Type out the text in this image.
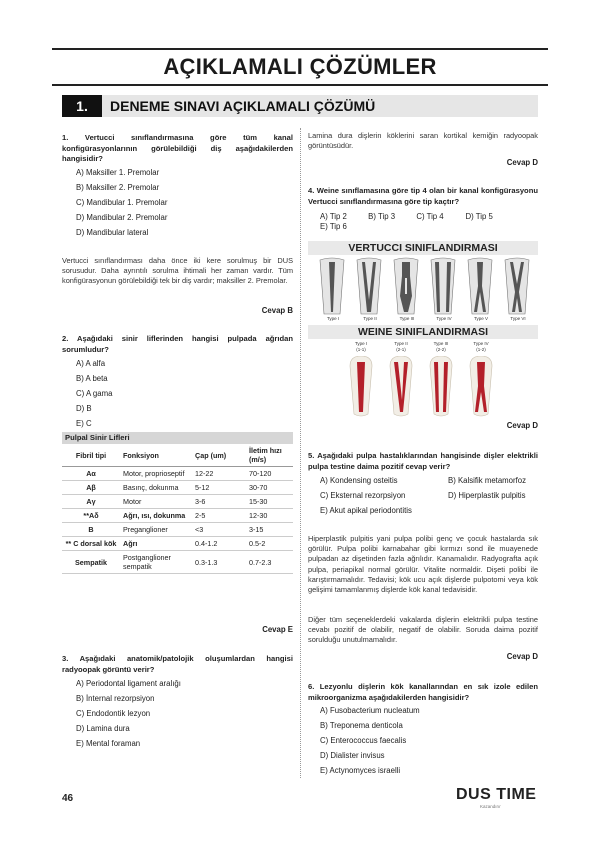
AÇIKLAMALI ÇÖZÜMLER
1.	DENEME SINAVI AÇIKLAMALI ÇÖZÜMÜ
1. Vertucci sınıflandırmasına göre tüm kanal konfigürasyonlarının görülebildiği diş aşağıdakilerden hangisidir?
A) Maksiller 1. Premolar
B) Maksiller 2. Premolar
C) Mandibular 1. Premolar
D) Mandibular 2. Premolar
D) Mandibular lateral
Vertucci sınıflandırması daha önce iki kere sorulmuş bir DUS sorusudur. Daha ayrıntılı sorulma ihtimali her zaman vardır. Tüm konfigürasyonun görülebildiği tek bir diş vardır; maksiller 2. Premolar.
Cevap B
2. Aşağıdaki sinir liflerinden hangisi pulpada ağrıdan sorumludur?
A) A alfa
B) A beta
C) A gama
D) B
E) C
Pulpal Sinir Lifleri
Fibril tipi	Fonksiyon	Çap (um)	İletim hızı (m/s)
Aα	Motor, proprioseptif	12-22	70-120
Aβ	Basınç, dokunma	5-12	30-70
Aγ	Motor	3-6	15-30
**Aδ	Ağrı, ısı, dokunma	2-5	12-30
B	Preganglioner	<3	3-15
** C dorsal kök	Ağrı	0.4-1.2	0.5-2
Sempatik	Postganglioner sempatik	0.3-1.3	0.7-2.3
Cevap E
3. Aşağıdaki anatomik/patolojik oluşumlardan hangisi radyoopak görüntü verir?
A) Periodontal ligament aralığı
B) İnternal rezorpsiyon
C) Endodontik lezyon
D) Lamina dura
E) Mental foraman
Lamina dura dişlerin köklerini saran kortikal kemiğin radyoopak görüntüsüdür.
Cevap D
4. Weine sınıflamasına göre tip 4 olan bir kanal konfigürasyonu Vertucci sınıflandırmasına göre tip kaçtır?
A) Tip 2	B) Tip 3	C) Tip 4	D) Tip 5 E) Tip 6
VERTUCCI SINIFLANDIRMASI
Type I	Type II	Type III	Type IV	Type V	Type VI
WEINE SINIFLANDIRMASI
Type I	Type II	Type III	Type IV
(1-1)	(2-1)	(2-2)	(1-2)
Cevap D
5. Aşağıdaki pulpa hastalıklarından hangisinde dişler elektrikli pulpa testine daima pozitif cevap verir?
A) Kondensing osteitis	B) Kalsifik metamorfoz
C) Eksternal rezorpsiyon	D) Hiperplastik pulpitis
E) Akut apikal periodontitis
Hiperplastik pulpitis yani pulpa polibi genç ve çocuk hastalarda sık görülür. Pulpa polibi karnabahar gibi kırmızı sond ile muayenede pulpadan az dişetinden fazla ağrılıdır. Kanamalıdır. Radyografta açık pulpa, periapikal normal görülür. Vitalite normaldir. Dişeti polibi ile karıştırmamalıdır. Tedavisi; kök ucu açık dişlerde pulpotomi veya kök gelişimi tamamlanmış dişlerde kök kanal tedavisidir.
Diğer tüm seçeneklerdeki vakalarda dişlerin elektrikli pulpa testine cevabı pozitif de olabilir, negatif de olabilir. Soruda daima pozitif sorulduğu unutulmamalıdır.
Cevap D
6. Lezyonlu dişlerin kök kanallarından en sık izole edilen mikroorganizma aşağıdakilerden hangisidir?
A) Fusobacterium nucleatum
B) Treponema denticola
C) Enterococcus faecalis
D) Dialister invisus
E) Actynomyces israelli
46	DUS TIME
Kazandırır
